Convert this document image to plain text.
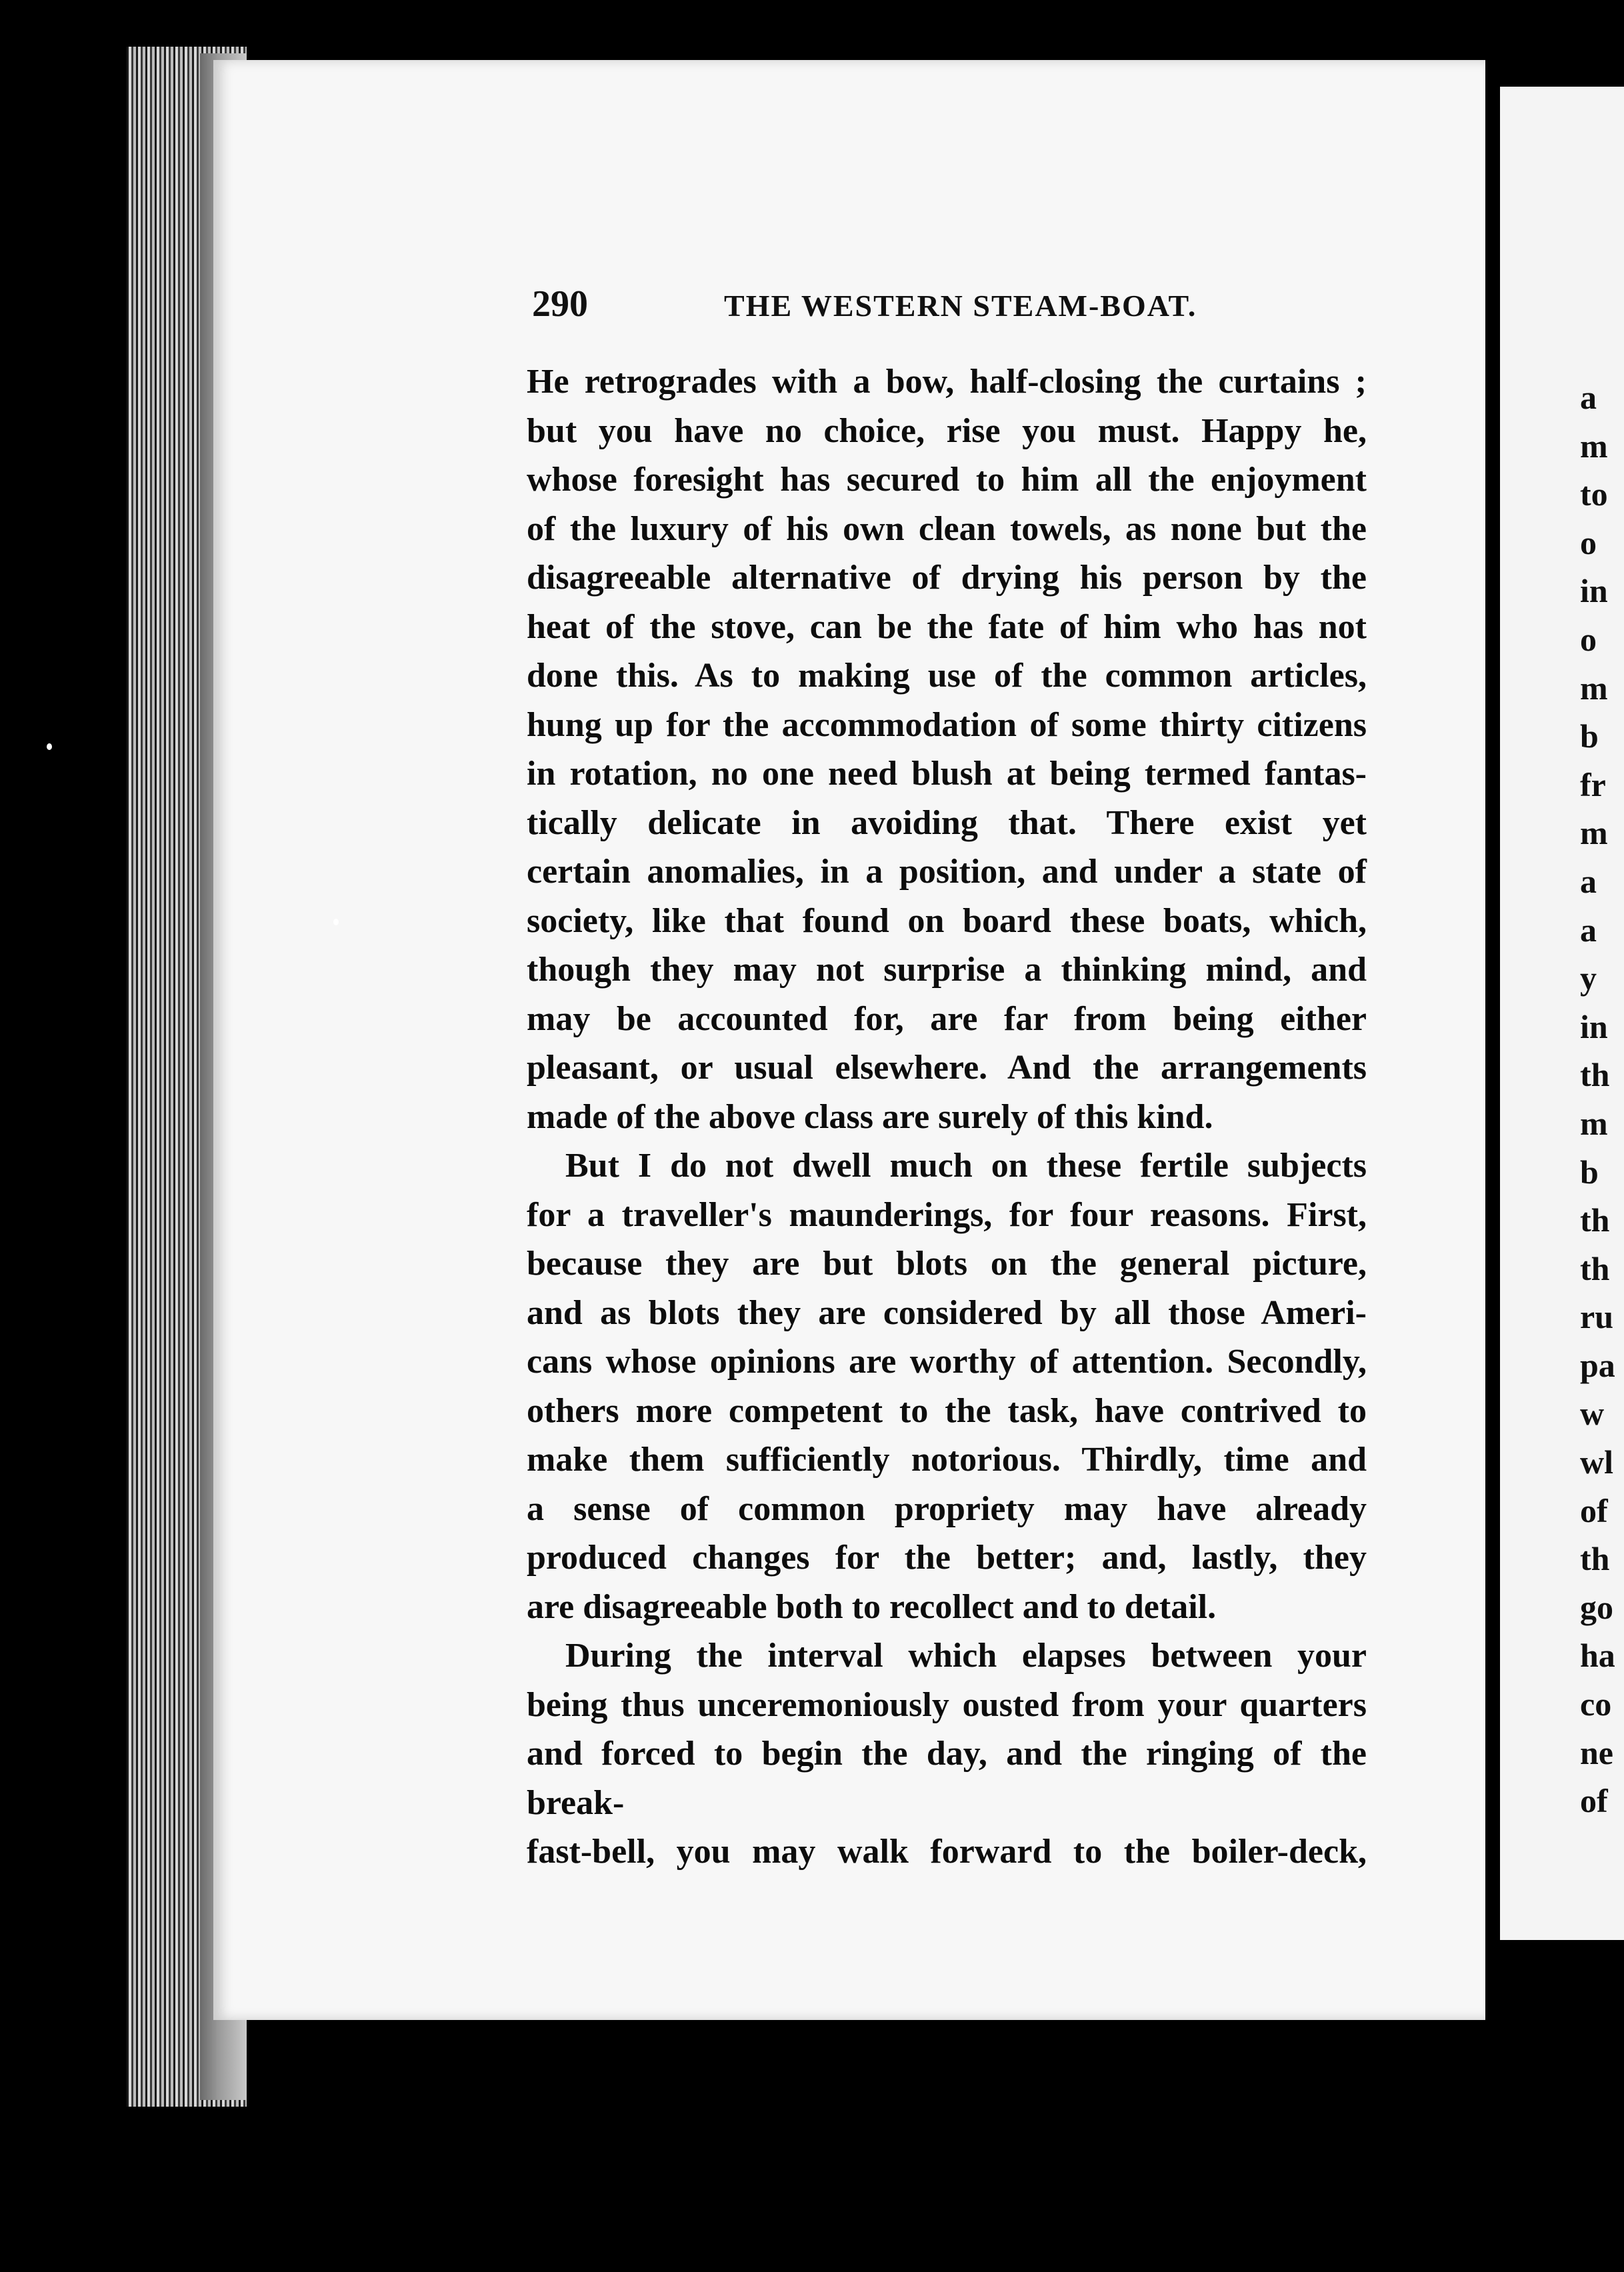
290	THE WESTERN STEAM-BOAT.

He retrogrades with a bow, half-closing the curtains ;
but you have no choice, rise you must. Happy he,
whose foresight has secured to him all the enjoyment
of the luxury of his own clean towels, as none but the
disagreeable alternative of drying his person by the
heat of the stove, can be the fate of him who has not
done this. As to making use of the common articles,
hung up for the accommodation of some thirty citizens
in rotation, no one need blush at being termed fantas-
tically delicate in avoiding that. There exist yet
certain anomalies, in a position, and under a state of
society, like that found on board these boats, which,
though they may not surprise a thinking mind, and
may be accounted for, are far from being either
pleasant, or usual elsewhere. And the arrangements
made of the above class are surely of this kind.

But I do not dwell much on these fertile subjects
for a traveller's maunderings, for four reasons. First,
because they are but blots on the general picture,
and as blots they are considered by all those Ameri-
cans whose opinions are worthy of attention. Secondly,
others more competent to the task, have contrived to
make them sufficiently notorious. Thirdly, time and
a sense of common propriety may have already
produced changes for the better; and, lastly, they
are disagreeable both to recollect and to detail.

During the interval which elapses between your
being thus unceremoniously ousted from your quarters
and forced to begin the day, and the ringing of the break-
fast-bell, you may walk forward to the boiler-deck,

a
m
to
o
in
o
m
b
fr
m
a
a
y
in
th
m
b
th
th
ru
pa
w
wl
of
th
go
ha
co
ne
of
